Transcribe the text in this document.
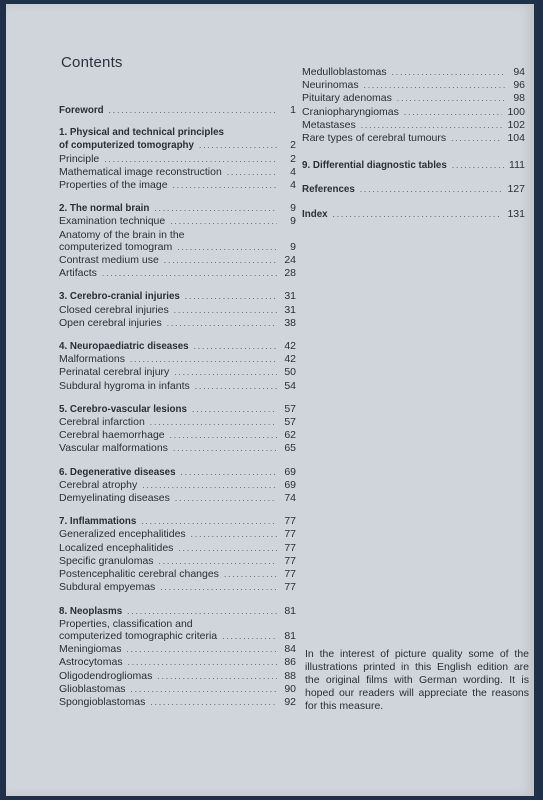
Contents
Foreword .....	1
1. Physical and technical principles
of computerized tomography .....	2
Principle .....	2
Mathematical image reconstruction .....	4
Properties of the image .....	4
2. The normal brain .....	9
Examination technique .....	9
Anatomy of the brain in the
computerized tomogram .....	9
Contrast medium use .....	24
Artifacts .....	28
3. Cerebro-cranial injuries .....	31
Closed cerebral injuries .....	31
Open cerebral injuries .....	38
4. Neuropaediatric diseases .....	42
Malformations .....	42
Perinatal cerebral injury .....	50
Subdural hygroma in infants .....	54
5. Cerebro-vascular lesions .....	57
Cerebral infarction .....	57
Cerebral haemorrhage .....	62
Vascular malformations .....	65
6. Degenerative diseases .....	69
Cerebral atrophy .....	69
Demyelinating diseases .....	74
7. Inflammations .....	77
Generalized encephalitides .....	77
Localized encephalitides .....	77
Specific granulomas .....	77
Postencephalitic cerebral changes .....	77
Subdural empyemas .....	77
8. Neoplasms .....	81
Properties, classification and
computerized tomographic criteria .....	81
Meningiomas .....	84
Astrocytomas .....	86
Oligodendrogliomas .....	88
Glioblastomas .....	90
Spongioblastomas .....	92
Medulloblastomas .....	94
Neurinomas .....	96
Pituitary adenomas .....	98
Craniopharyngiomas .....	100
Metastases .....	102
Rare types of cerebral tumours .....	104
9. Differential diagnostic tables .....	111
References .....	127
Index .....	131
In the interest of picture quality some of the illustrations printed in this English edition are the original films with German wording. It is hoped our readers will appreciate the reasons for this measure.
